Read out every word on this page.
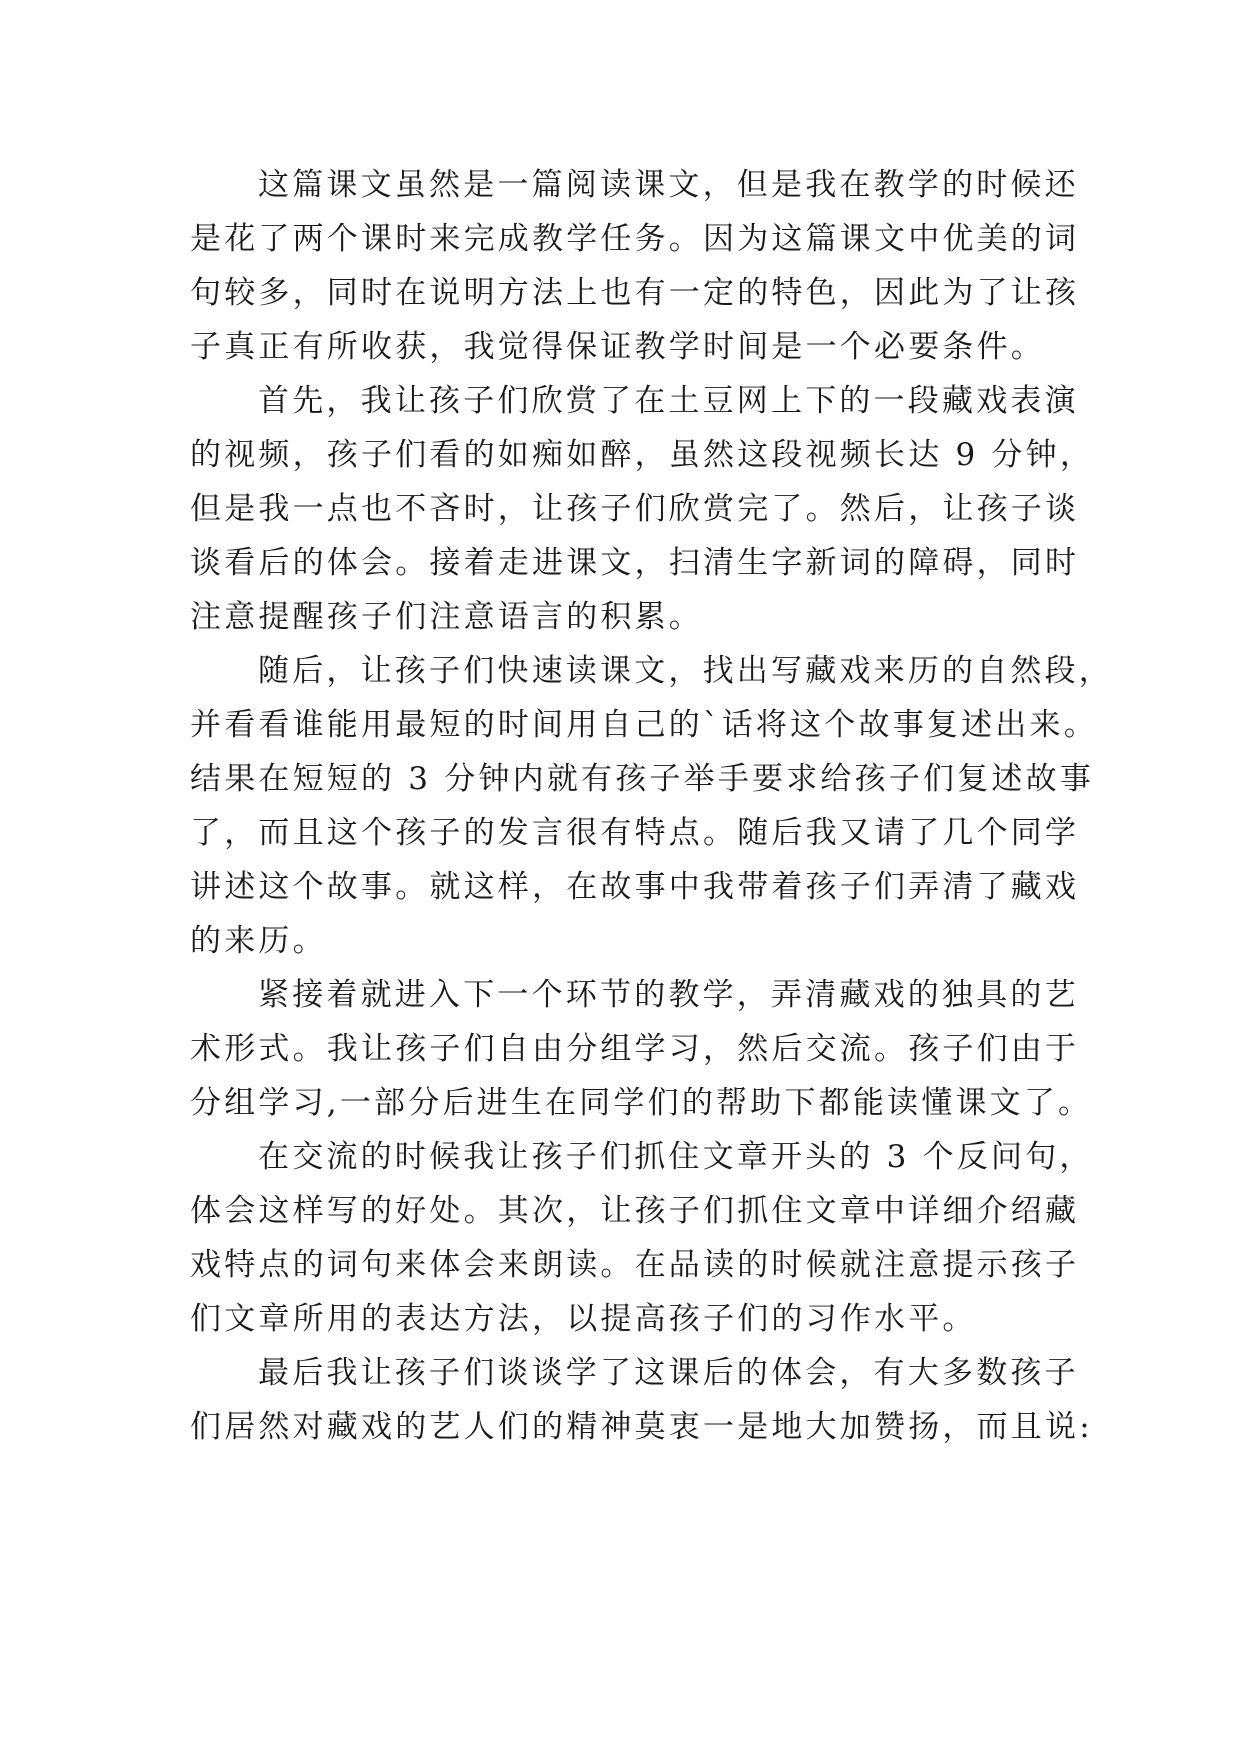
这篇课文虽然是一篇阅读课文，但是我在教学的时候还
是花了两个课时来完成教学任务。因为这篇课文中优美的词
句较多，同时在说明方法上也有一定的特色，因此为了让孩
子真正有所收获，我觉得保证教学时间是一个必要条件。
首先，我让孩子们欣赏了在土豆网上下的一段藏戏表演
的视频，孩子们看的如痴如醉，虽然这段视频长达 9 分钟，
但是我一点也不吝时，让孩子们欣赏完了。然后，让孩子谈
谈看后的体会。接着走进课文，扫清生字新词的障碍，同时
注意提醒孩子们注意语言的积累。
随后，让孩子们快速读课文，找出写藏戏来历的自然段，
并看看谁能用最短的时间用自己的`话将这个故事复述出来。
结果在短短的 3 分钟内就有孩子举手要求给孩子们复述故事
了，而且这个孩子的发言很有特点。随后我又请了几个同学
讲述这个故事。就这样，在故事中我带着孩子们弄清了藏戏
的来历。
紧接着就进入下一个环节的教学，弄清藏戏的独具的艺
术形式。我让孩子们自由分组学习，然后交流。孩子们由于
分组学习,一部分后进生在同学们的帮助下都能读懂课文了。
在交流的时候我让孩子们抓住文章开头的 3 个反问句，
体会这样写的好处。其次，让孩子们抓住文章中详细介绍藏
戏特点的词句来体会来朗读。在品读的时候就注意提示孩子
们文章所用的表达方法，以提高孩子们的习作水平。
最后我让孩子们谈谈学了这课后的体会，有大多数孩子
们居然对藏戏的艺人们的精神莫衷一是地大加赞扬，而且说:
